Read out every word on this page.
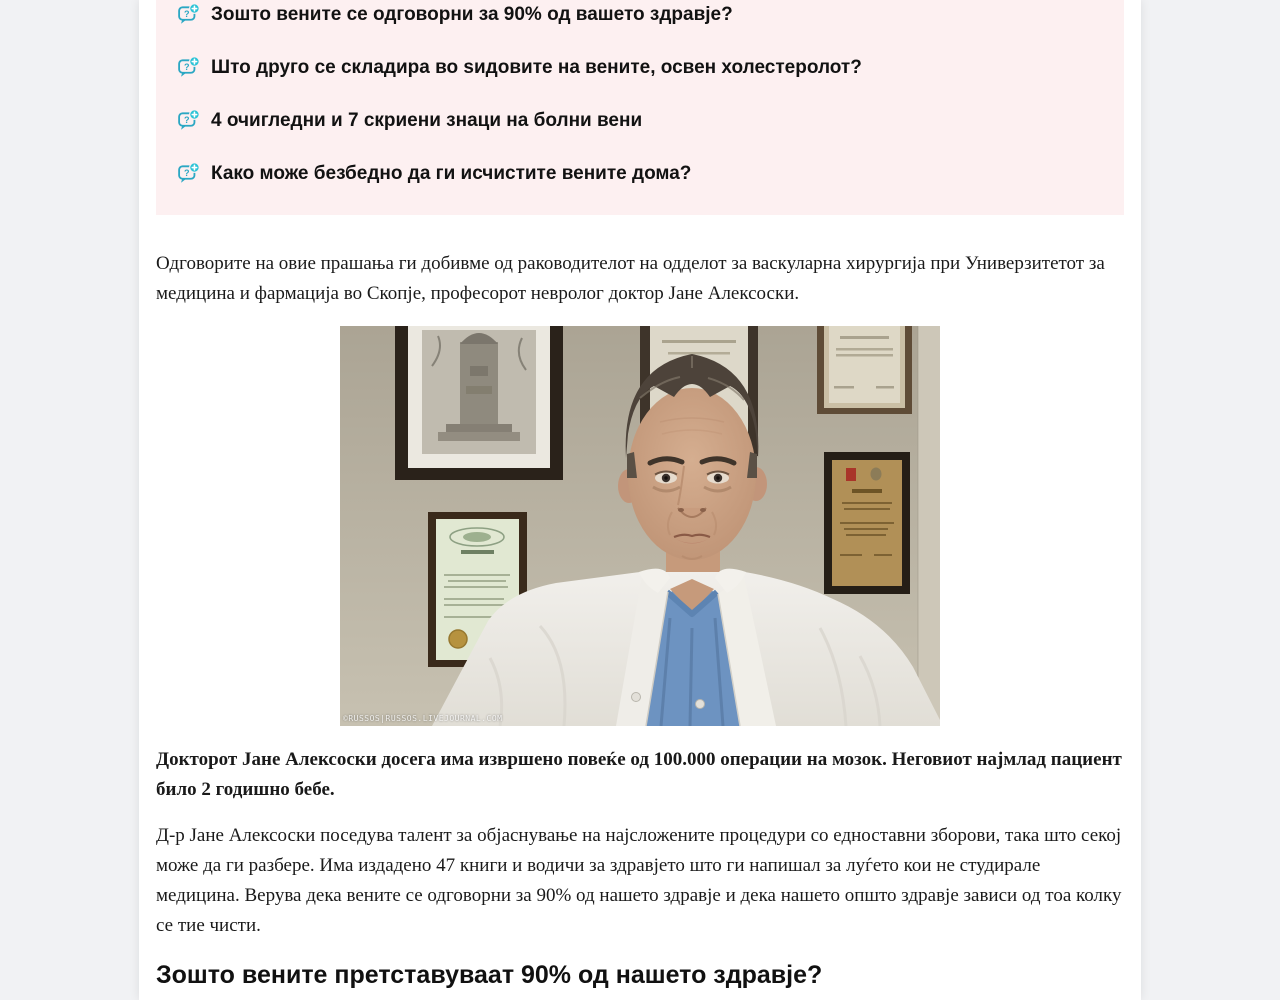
? Зошто вените се одговорни за 90% од вашето здравје?
? Што друго се складира во ѕидовите на вените, освен холестеролот?
? 4 очигледни и 7 скриени знаци на болни вени
? Како може безбедно да ги исчистите вените дома?

Одговорите на овие прашања ги добивме од раководителот на одделот за васкуларна хирургија при Универзитетот за медицина и фармација во Скопје, професорот невролог доктор Јане Алексоски.

©RUSSOS|RUSSOS.LIVEJOURNAL.COM

Докторот Јане Алексоски досега има извршено повеќе од 100.000 операции на мозок. Неговиот најмлад пациент било 2 годишно бебе.

Д-р Јане Алексоски поседува талент за објаснување на најсложените процедури со едноставни зборови, така што секој може да ги разбере. Има издадено 47 книги и водичи за здравјето што ги напишал за луѓето кои не студирале медицина. Верува дека вените се одговорни за 90% од нашето здравје и дека нашето општо здравје зависи од тоа колку се тие чисти.

Зошто вените претставуваат 90% од нашето здравје?
